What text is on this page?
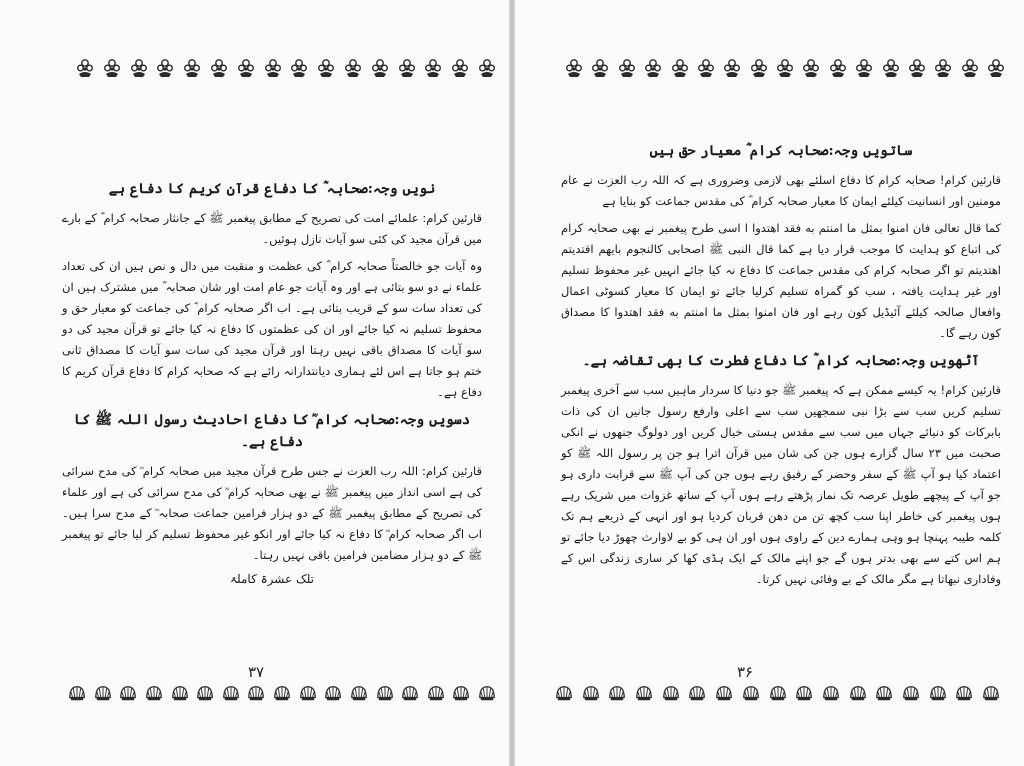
نویں وجہ:صحابہ ؓ کا دفاع قرآن کریم کا دفاع ہے

قارئین کرام: علمائے امت کی تصریح کے مطابق پیغمبر ﷺ کے جانثار صحابہ کرام ؓ کے بارے میں قرآن مجید کی کئی سو آیات نازل ہوئیں۔

وہ آیات جو خالصتاً صحابہ کرام ؓ کی عظمت و منقبت میں دال و نص ہیں ان کی تعداد علماء نے دو سو بتائی ہے اور وہ آیات جو عام امت اور شان صحابہ ؓ میں مشترک ہیں ان کی تعداد سات سو کے قریب بتائی ہے۔ اب اگر صحابہ کرام ؓ کی جماعت کو معیار حق و محفوظ تسلیم نہ کیا جائے اور ان کی عظمتوں کا دفاع نہ کیا جائے تو قرآن مجید کی دو سو آیات کا مصداق باقی نہیں رہتا اور قرآن مجید کی سات سو آیات کا مصداق ثانی ختم ہو جاتا ہے اس لئے ہماری دیانتدارانہ رائے ہے کہ صحابہ کرام کا دفاع قرآن کریم کا دفاع ہے۔

دسویں وجہ:صحابہ کرام ؓ کا دفاع احادیث رسول اللہ ﷺ کا دفاع ہے۔

قارئین کرام: اللہ رب العزت نے جس طرح قرآن مجید میں صحابہ کرام ؓ کی مدح سرائی کی ہے اسی انداز میں پیغمبر ﷺ نے بھی صحابہ کرام ؓ کی مدح سرائی کی ہے اور علماء کی تصریح کے مطابق پیغمبر ﷺ کے دو ہزار فرامین جماعت صحابہ ؓ کے مدح سرا ہیں۔ اب اگر صحابہ کرام ؓ کا دفاع نہ کیا جائے اور انکو غیر محفوظ تسلیم کر لیا جائے تو پیغمبر ﷺ کے دو ہزار مضامین فرامین باقی نہیں رہتا۔

تلک عشرۃ کاملۃ

۳۷

ساتویں وجہ:صحابہ کرام ؓ معیار حق ہیں

قارئین کرام! صحابہ کرام کا دفاع اسلئے بھی لازمی وضروری ہے کہ اللہ رب العزت نے عام مومنین اور انسانیت کیلئے ایمان کا معیار صحابہ کرام ؓ کی مقدس جماعت کو بنایا ہے

کما قال تعالی فان امنوا بمثل ما امنتم به فقد اهتدوا ا اسی طرح پیغمبر نے بھی صحابہ کرام کی اتباع کو ہدایت کا موجب قرار دیا ہے کما قال النبی ﷺ اصحابی کالنجوم بایهم اقتدیتم اهتدیتم تو اگر صحابہ کرام کی مقدس جماعت کا دفاع نہ کیا جائے انہیں غیر محفوظ تسلیم اور غیر ہدایت یافتہ ، سب کو گمراہ تسلیم کرلیا جائے تو ایمان کا معیار کسوٹی اعمال وافعال صالحہ کیلئے آئیڈیل کون رہے اور فان امنوا بمثل ما امنتم به فقد اهتدوا کا مصداق کون رہے گا۔

آٹھویں وجہ:صحابہ کرام ؓ کا دفاع فطرت کا بھی تقاضہ ہے۔

قارئین کرام! یہ کیسے ممکن ہے کہ پیغمبر ﷺ جو دنیا کا سردار ماہیں سب سے آخری پیغمبر تسلیم کریں سب سے بڑا نبی سمجھیں سب سے اعلی وارفع رسول جانیں ان کی ذات بابرکات کو دنیائے جہاں میں سب سے مقدس ہستی خیال کریں اور دولوگ جنھوں نے انکی صحبت میں ۲۳ سال گزارے ہوں جن کی شان میں قرآن اترا ہو جن پر رسول اللہ ﷺ کو اعتماد کیا ہو آپ ﷺ کے سفر وحضر کے رفیق رہے ہوں جن کی آپ ﷺ سے قرابت داری ہو جو آپ کے پیچھے طویل عرصہ تک نماز پڑھتے رہے ہوں آپ کے ساتھ غزوات میں شریک رہے ہوں پیغمبر کی خاطر اپنا سب کچھ تن من دھن قربان کردیا ہو اور انہی کے ذریعے ہم تک کلمہ طیبہ پہنچا ہو وہی ہمارے دین کے راوی ہوں اور ان ہی کو بے لاوارث چھوڑ دیا جائے تو ہم اس کتے سے بھی بدتر ہوں گے جو اپنے مالک کے ایک ہڈی کھا کر ساری زندگی اس کے وفاداری نبھاتا ہے مگر مالک کے بے وفائی نہیں کرتا۔

۳۶
